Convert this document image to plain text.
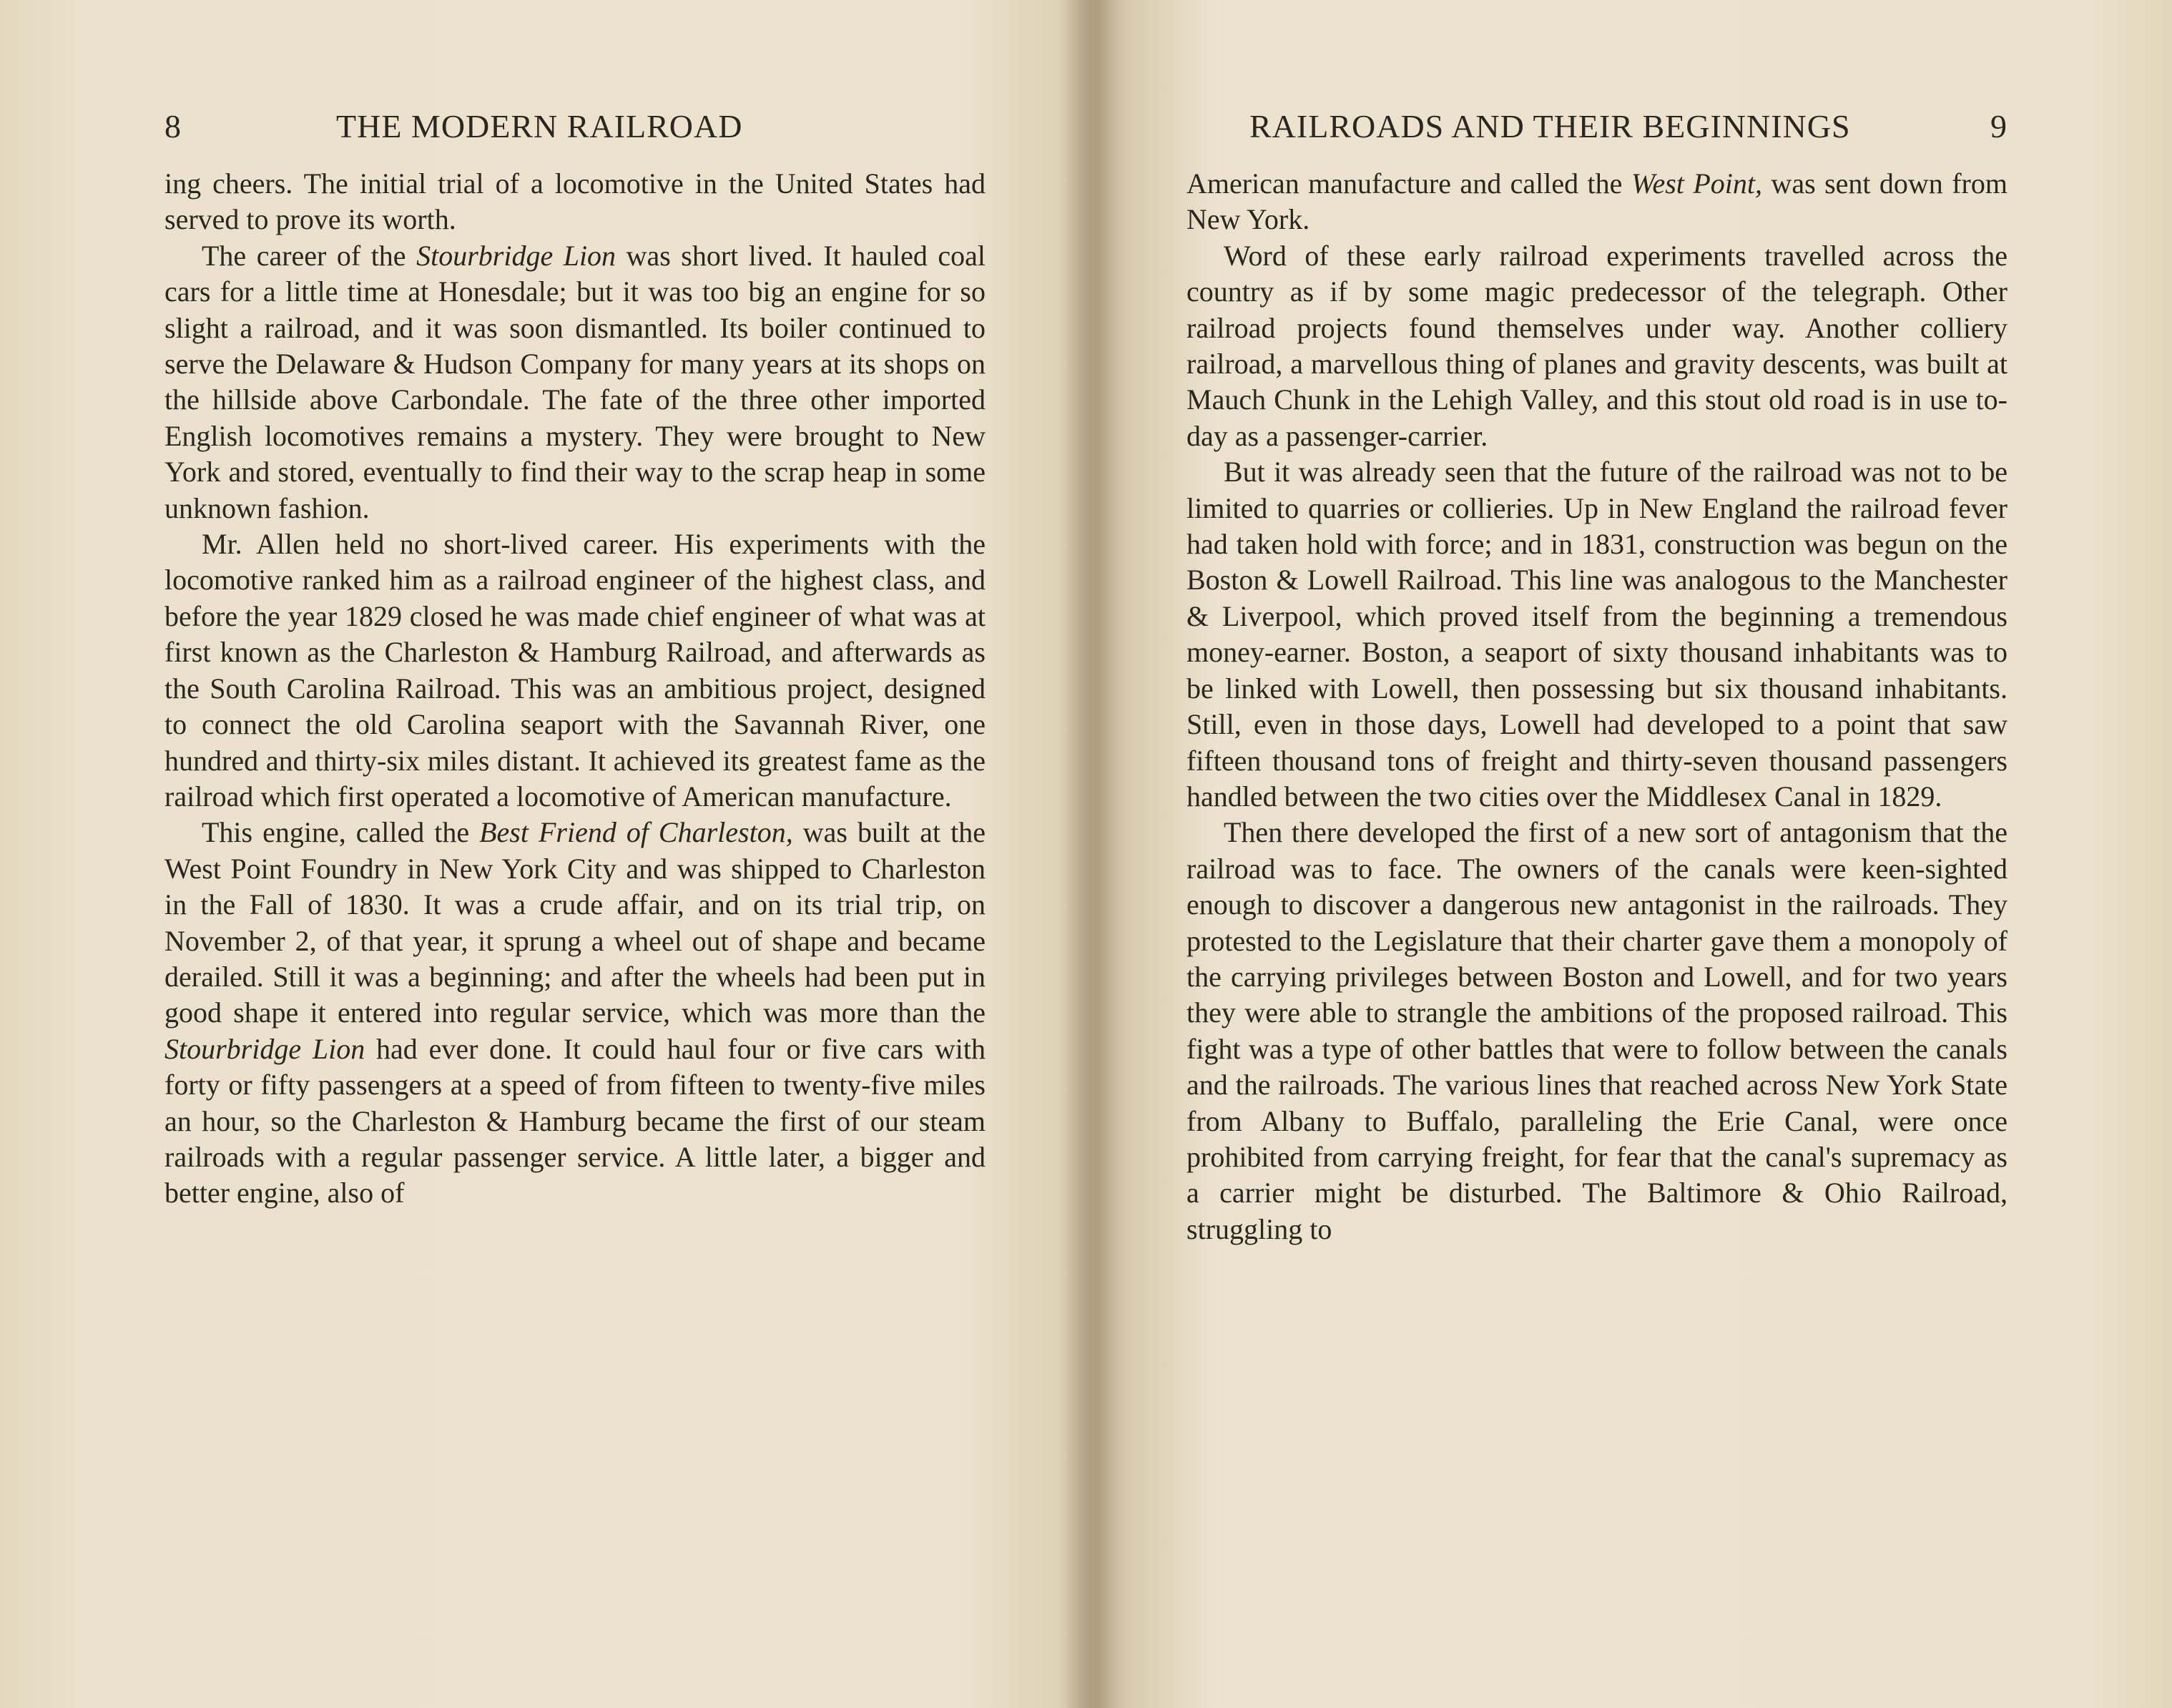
8	THE MODERN RAILROAD

ing cheers. The initial trial of a locomotive in the United States had served to prove its worth.

The career of the Stourbridge Lion was short lived. It hauled coal cars for a little time at Honesdale; but it was too big an engine for so slight a railroad, and it was soon dismantled. Its boiler continued to serve the Delaware & Hudson Company for many years at its shops on the hillside above Carbondale. The fate of the three other imported English locomotives remains a mystery. They were brought to New York and stored, eventually to find their way to the scrap heap in some unknown fashion.

Mr. Allen held no short-lived career. His experiments with the locomotive ranked him as a railroad engineer of the highest class, and before the year 1829 closed he was made chief engineer of what was at first known as the Charleston & Hamburg Railroad, and afterwards as the South Carolina Railroad. This was an ambitious project, designed to connect the old Carolina seaport with the Savannah River, one hundred and thirty-six miles distant. It achieved its greatest fame as the railroad which first operated a locomotive of American manufacture.

This engine, called the Best Friend of Charleston, was built at the West Point Foundry in New York City and was shipped to Charleston in the Fall of 1830. It was a crude affair, and on its trial trip, on November 2, of that year, it sprung a wheel out of shape and became derailed. Still it was a beginning; and after the wheels had been put in good shape it entered into regular service, which was more than the Stourbridge Lion had ever done. It could haul four or five cars with forty or fifty passengers at a speed of from fifteen to twenty-five miles an hour, so the Charleston & Hamburg became the first of our steam railroads with a regular passenger service. A little later, a bigger and better engine, also of

RAILROADS AND THEIR BEGINNINGS	9

American manufacture and called the West Point, was sent down from New York.

Word of these early railroad experiments travelled across the country as if by some magic predecessor of the telegraph. Other railroad projects found themselves under way. Another colliery railroad, a marvellous thing of planes and gravity descents, was built at Mauch Chunk in the Lehigh Valley, and this stout old road is in use to-day as a passenger-carrier.

But it was already seen that the future of the railroad was not to be limited to quarries or collieries. Up in New England the railroad fever had taken hold with force; and in 1831, construction was begun on the Boston & Lowell Railroad. This line was analogous to the Manchester & Liverpool, which proved itself from the beginning a tremendous money-earner. Boston, a seaport of sixty thousand inhabitants was to be linked with Lowell, then possessing but six thousand inhabitants. Still, even in those days, Lowell had developed to a point that saw fifteen thousand tons of freight and thirty-seven thousand passengers handled between the two cities over the Middlesex Canal in 1829.

Then there developed the first of a new sort of antagonism that the railroad was to face. The owners of the canals were keen-sighted enough to discover a dangerous new antagonist in the railroads. They protested to the Legislature that their charter gave them a monopoly of the carrying privileges between Boston and Lowell, and for two years they were able to strangle the ambitions of the proposed railroad. This fight was a type of other battles that were to follow between the canals and the railroads. The various lines that reached across New York State from Albany to Buffalo, paralleling the Erie Canal, were once prohibited from carrying freight, for fear that the canal's supremacy as a carrier might be disturbed. The Baltimore & Ohio Railroad, struggling to
